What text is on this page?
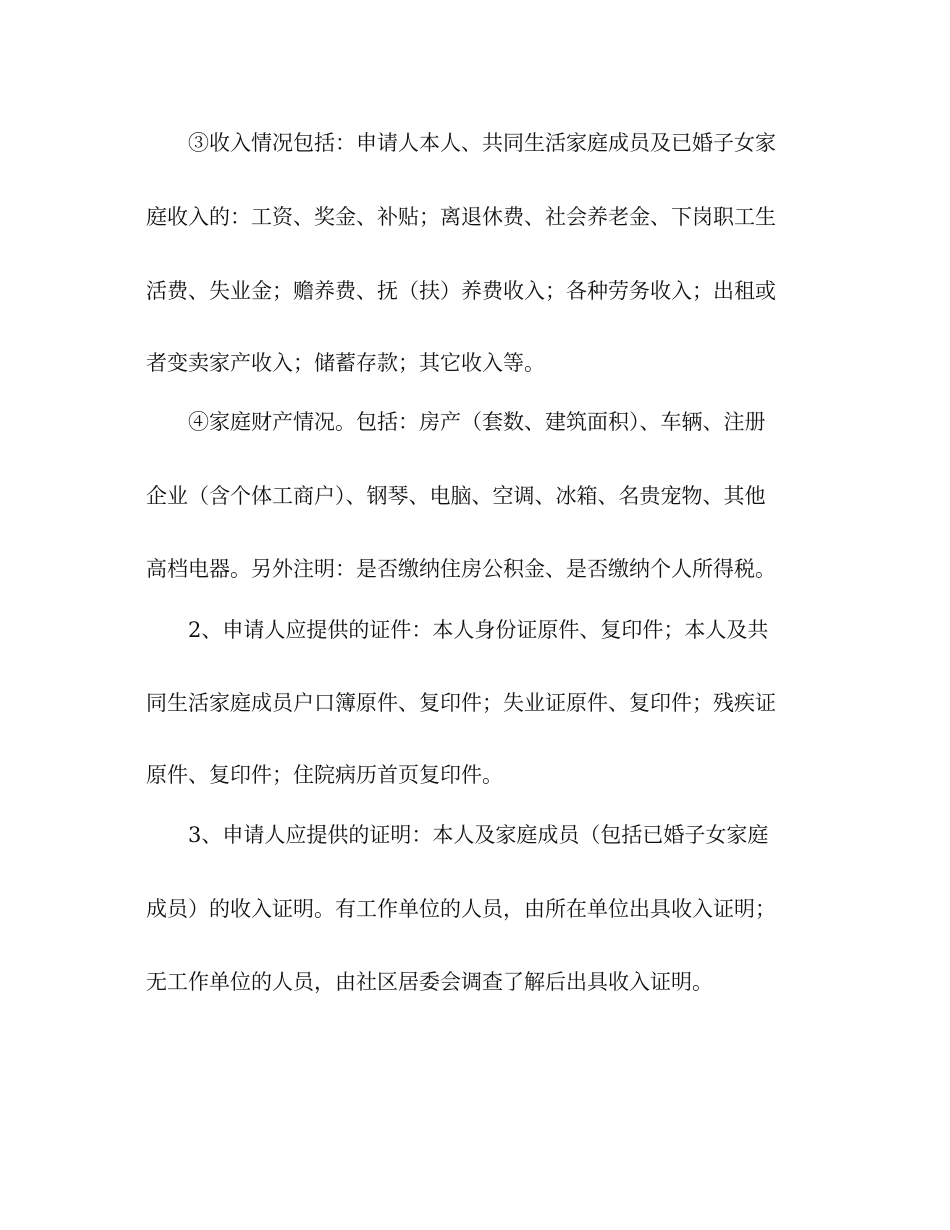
③收入情况包括：申请人本人、共同生活家庭成员及已婚子女家
庭收入的：工资、奖金、补贴；离退休费、社会养老金、下岗职工生
活费、失业金；赡养费、抚（扶）养费收入；各种劳务收入；出租或
者变卖家产收入；储蓄存款；其它收入等。
④家庭财产情况。包括：房产（套数、建筑面积）、车辆、注册
企业（含个体工商户）、钢琴、电脑、空调、冰箱、名贵宠物、其他
高档电器。另外注明：是否缴纳住房公积金、是否缴纳个人所得税。
2、申请人应提供的证件：本人身份证原件、复印件；本人及共
同生活家庭成员户口簿原件、复印件；失业证原件、复印件；残疾证
原件、复印件；住院病历首页复印件。
3、申请人应提供的证明：本人及家庭成员（包括已婚子女家庭
成员）的收入证明。有工作单位的人员，由所在单位出具收入证明；
无工作单位的人员，由社区居委会调查了解后出具收入证明。
